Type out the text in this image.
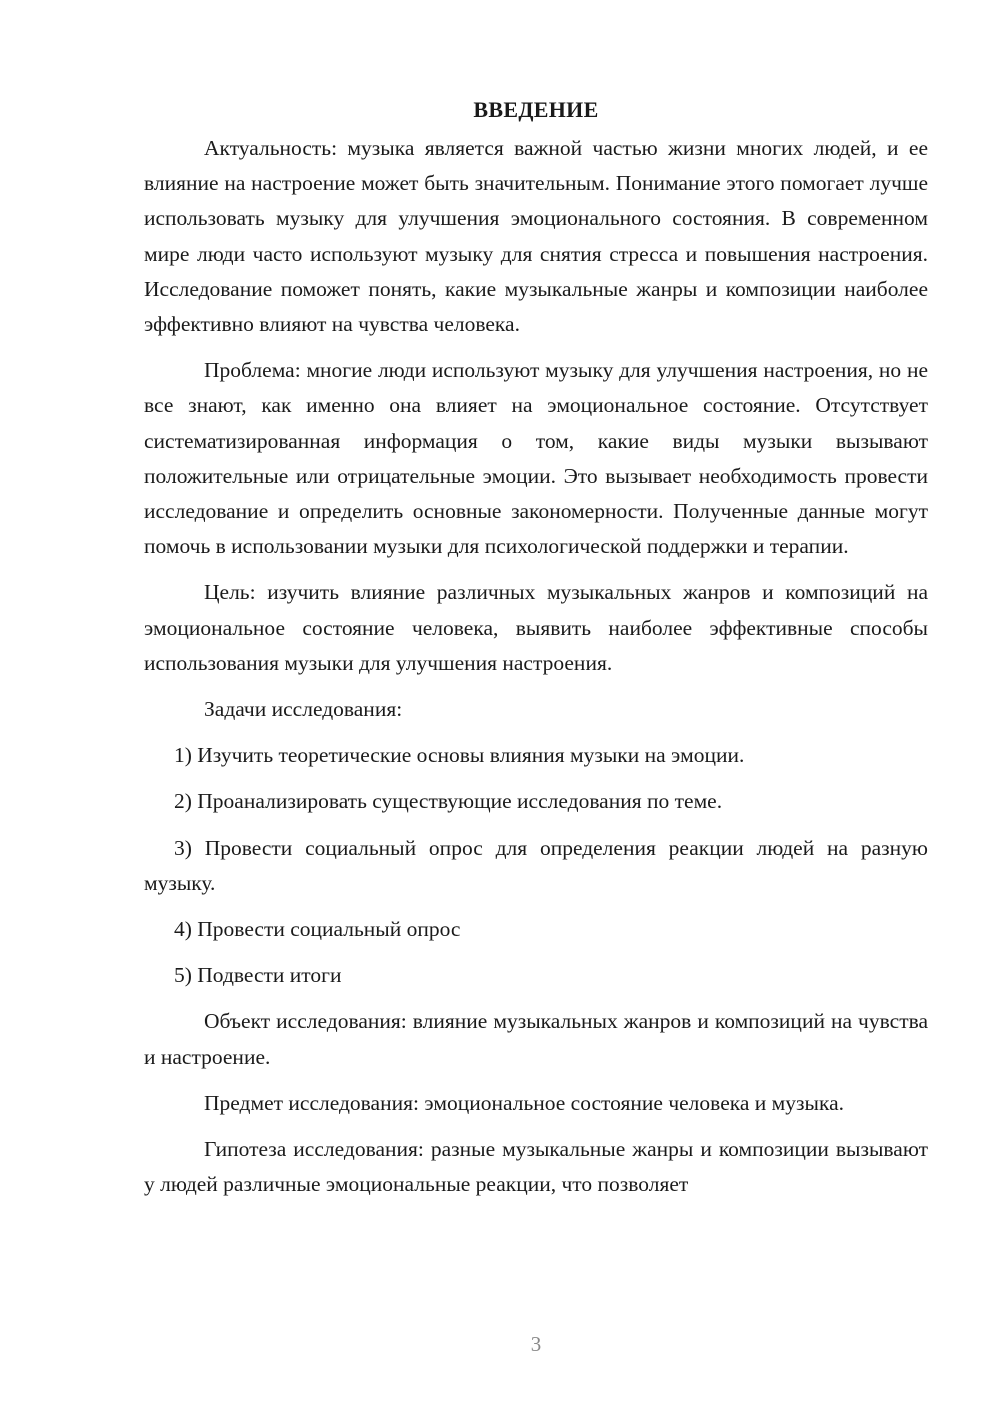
ВВЕДЕНИЕ

Актуальность: музыка является важной частью жизни многих людей, и ее влияние на настроение может быть значительным. Понимание этого помогает лучше использовать музыку для улучшения эмоционального состояния. В современном мире люди часто используют музыку для снятия стресса и повышения настроения. Исследование поможет понять, какие музыкальные жанры и композиции наиболее эффективно влияют на чувства человека.

Проблема: многие люди используют музыку для улучшения настроения, но не все знают, как именно она влияет на эмоциональное состояние. Отсутствует систематизированная информация о том, какие виды музыки вызывают положительные или отрицательные эмоции. Это вызывает необходимость провести исследование и определить основные закономерности. Полученные данные могут помочь в использовании музыки для психологической поддержки и терапии.

Цель: изучить влияние различных музыкальных жанров и композиций на эмоциональное состояние человека, выявить наиболее эффективные способы использования музыки для улучшения настроения.

Задачи исследования:

1) Изучить теоретические основы влияния музыки на эмоции.

2) Проанализировать существующие исследования по теме.

3) Провести социальный опрос для определения реакции людей на разную музыку.

4) Провести социальный опрос

5) Подвести итоги

Объект исследования: влияние музыкальных жанров и композиций на чувства и настроение.

Предмет исследования: эмоциональное состояние человека и музыка.

Гипотеза исследования: разные музыкальные жанры и композиции вызывают у людей различные эмоциональные реакции, что позволяет

3
